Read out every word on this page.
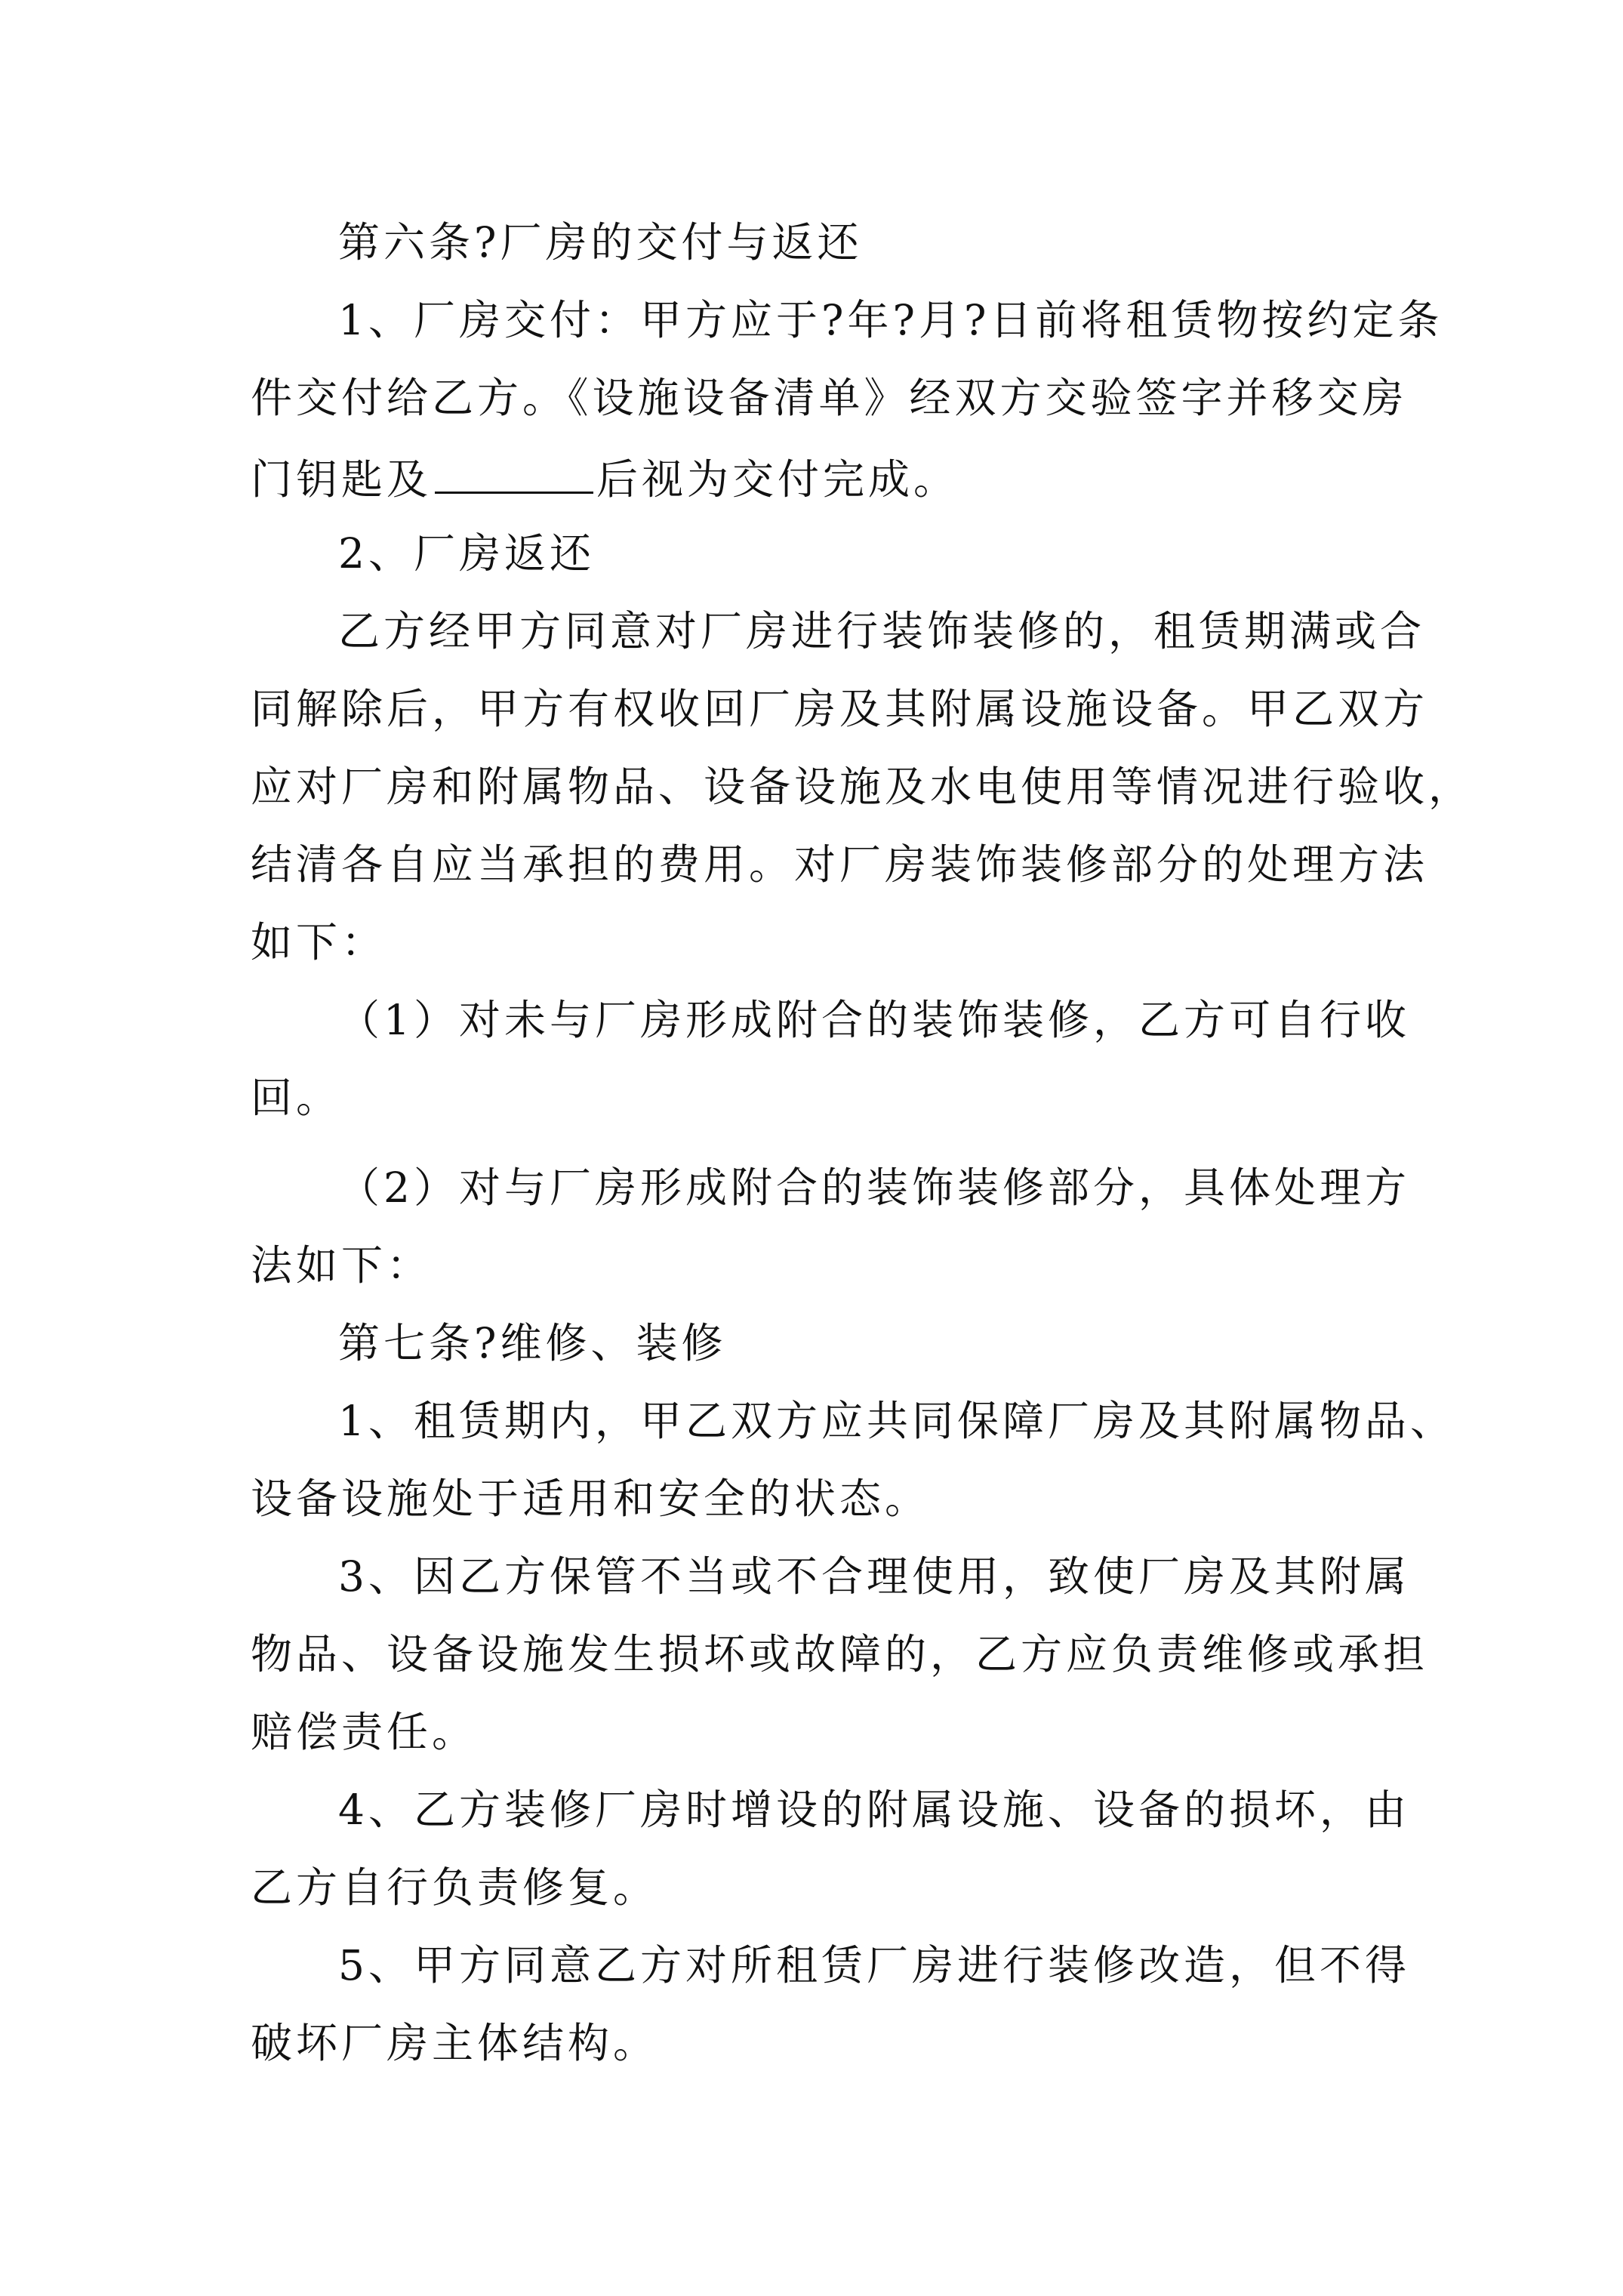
第六条?厂房的交付与返还

1、厂房交付：甲方应于?年?月?日前将租赁物按约定条

件交付给乙方。《设施设备清单》经双方交验签字并移交房

门钥匙及	后视为交付完成。

2、厂房返还

乙方经甲方同意对厂房进行装饰装修的，租赁期满或合

同解除后，甲方有权收回厂房及其附属设施设备。甲乙双方

应对厂房和附属物品、设备设施及水电使用等情况进行验收，

结清各自应当承担的费用。对厂房装饰装修部分的处理方法

如下：

（1）对未与厂房形成附合的装饰装修，乙方可自行收

回。

（2）对与厂房形成附合的装饰装修部分，具体处理方

法如下：

第七条?维修、装修

1、租赁期内，甲乙双方应共同保障厂房及其附属物品、

设备设施处于适用和安全的状态。

3、因乙方保管不当或不合理使用，致使厂房及其附属

物品、设备设施发生损坏或故障的，乙方应负责维修或承担

赔偿责任。

4、乙方装修厂房时增设的附属设施、设备的损坏，由

乙方自行负责修复。

5、甲方同意乙方对所租赁厂房进行装修改造，但不得

破坏厂房主体结构。
